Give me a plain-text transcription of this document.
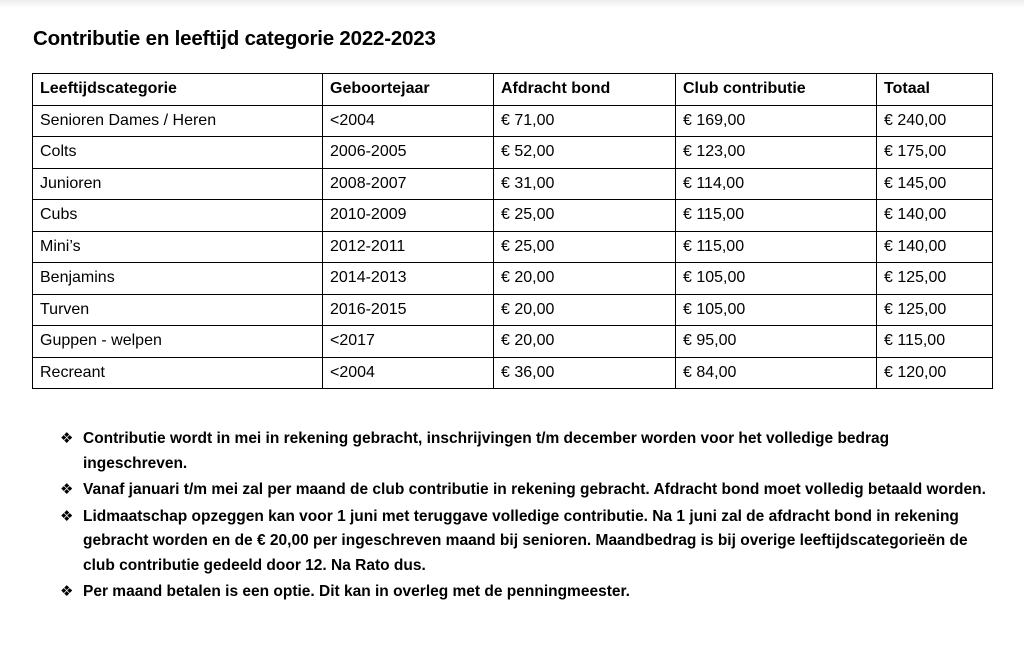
Contributie en leeftijd categorie 2022-2023
Leeftijdscategorie	Geboortejaar	Afdracht bond	Club contributie	Totaal
Senioren Dames / Heren	<2004	€ 71,00	€ 169,00	€ 240,00
Colts	2006-2005	€ 52,00	€ 123,00	€ 175,00
Junioren	2008-2007	€ 31,00	€ 114,00	€ 145,00
Cubs	2010-2009	€ 25,00	€ 115,00	€ 140,00
Mini’s	2012-2011	€ 25,00	€ 115,00	€ 140,00
Benjamins	2014-2013	€ 20,00	€ 105,00	€ 125,00
Turven	2016-2015	€ 20,00	€ 105,00	€ 125,00
Guppen - welpen	<2017	€ 20,00	€ 95,00	€ 115,00
Recreant	<2004	€ 36,00	€ 84,00	€ 120,00
❖ Contributie wordt in mei in rekening gebracht, inschrijvingen t/m december worden voor het volledige bedrag ingeschreven.
❖ Vanaf januari t/m mei zal per maand de club contributie in rekening gebracht. Afdracht bond moet volledig betaald worden.
❖ Lidmaatschap opzeggen kan voor 1 juni met teruggave volledige contributie. Na 1 juni zal de afdracht bond in rekening gebracht worden en de € 20,00 per ingeschreven maand bij senioren. Maandbedrag is bij overige leeftijdscategorieën de club contributie gedeeld door 12. Na Rato dus.
❖ Per maand betalen is een optie. Dit kan in overleg met de penningmeester.
